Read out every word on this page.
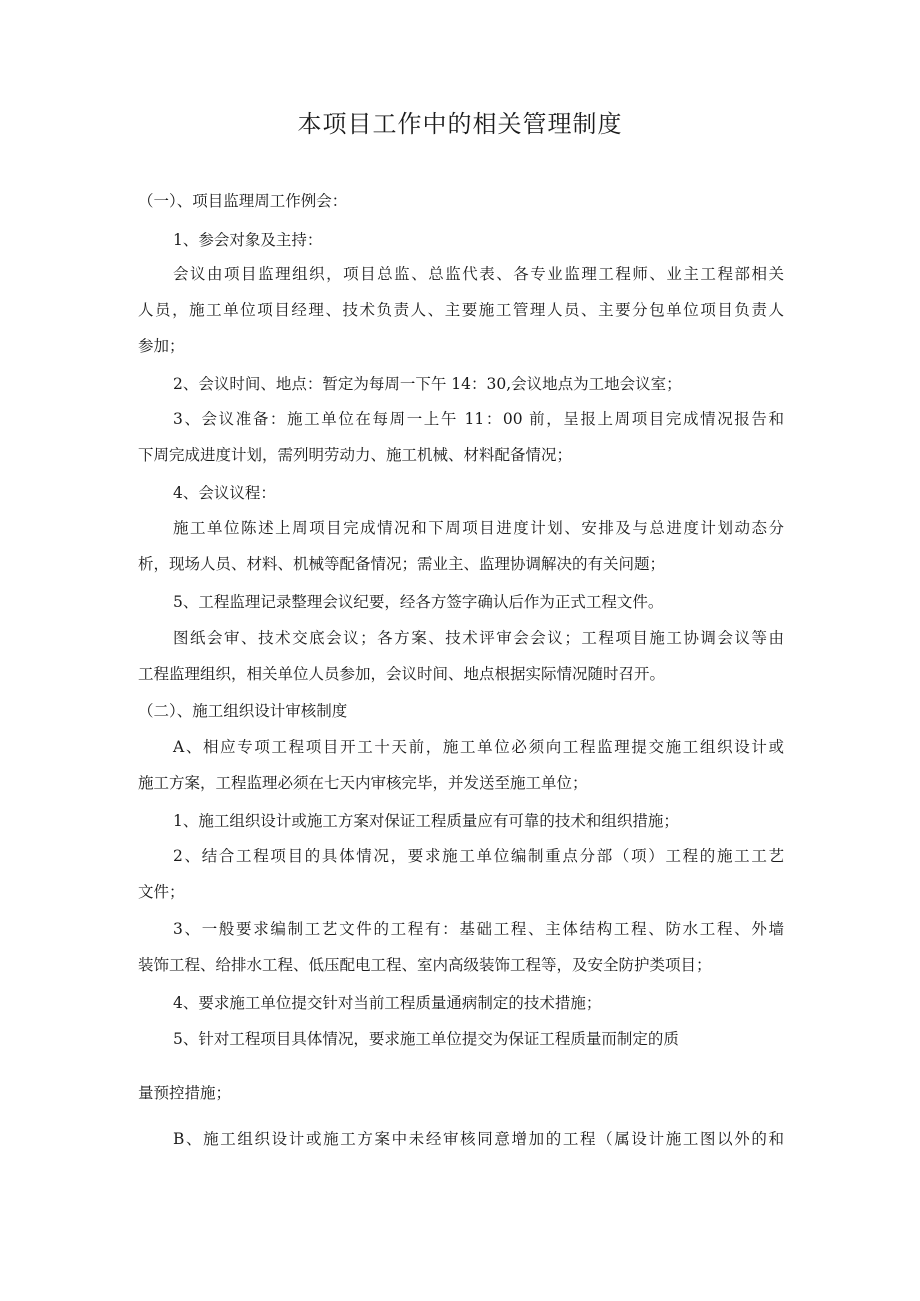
本项目工作中的相关管理制度
（一）、项目监理周工作例会：
1、参会对象及主持：
会议由项目监理组织，项目总监、总监代表、各专业监理工程师、业主工程部相关
人员，施工单位项目经理、技术负责人、主要施工管理人员、主要分包单位项目负责人
参加；
2、会议时间、地点：暂定为每周一下午 14：30,会议地点为工地会议室；
3、会议准备：施工单位在每周一上午 11：00 前，呈报上周项目完成情况报告和
下周完成进度计划，需列明劳动力、施工机械、材料配备情况；
4、会议议程：
施工单位陈述上周项目完成情况和下周项目进度计划、安排及与总进度计划动态分
析，现场人员、材料、机械等配备情况；需业主、监理协调解决的有关问题；
5、工程监理记录整理会议纪要，经各方签字确认后作为正式工程文件。
图纸会审、技术交底会议；各方案、技术评审会会议；工程项目施工协调会议等由
工程监理组织，相关单位人员参加，会议时间、地点根据实际情况随时召开。
（二）、施工组织设计审核制度
A、相应专项工程项目开工十天前，施工单位必须向工程监理提交施工组织设计或
施工方案，工程监理必须在七天内审核完毕，并发送至施工单位；
1、施工组织设计或施工方案对保证工程质量应有可靠的技术和组织措施；
2、结合工程项目的具体情况，要求施工单位编制重点分部（项）工程的施工工艺
文件；
3、一般要求编制工艺文件的工程有：基础工程、主体结构工程、防水工程、外墙
装饰工程、给排水工程、低压配电工程、室内高级装饰工程等，及安全防护类项目；
4、要求施工单位提交针对当前工程质量通病制定的技术措施；
5、针对工程项目具体情况，要求施工单位提交为保证工程质量而制定的质
量预控措施；
B、施工组织设计或施工方案中未经审核同意增加的工程（属设计施工图以外的和
